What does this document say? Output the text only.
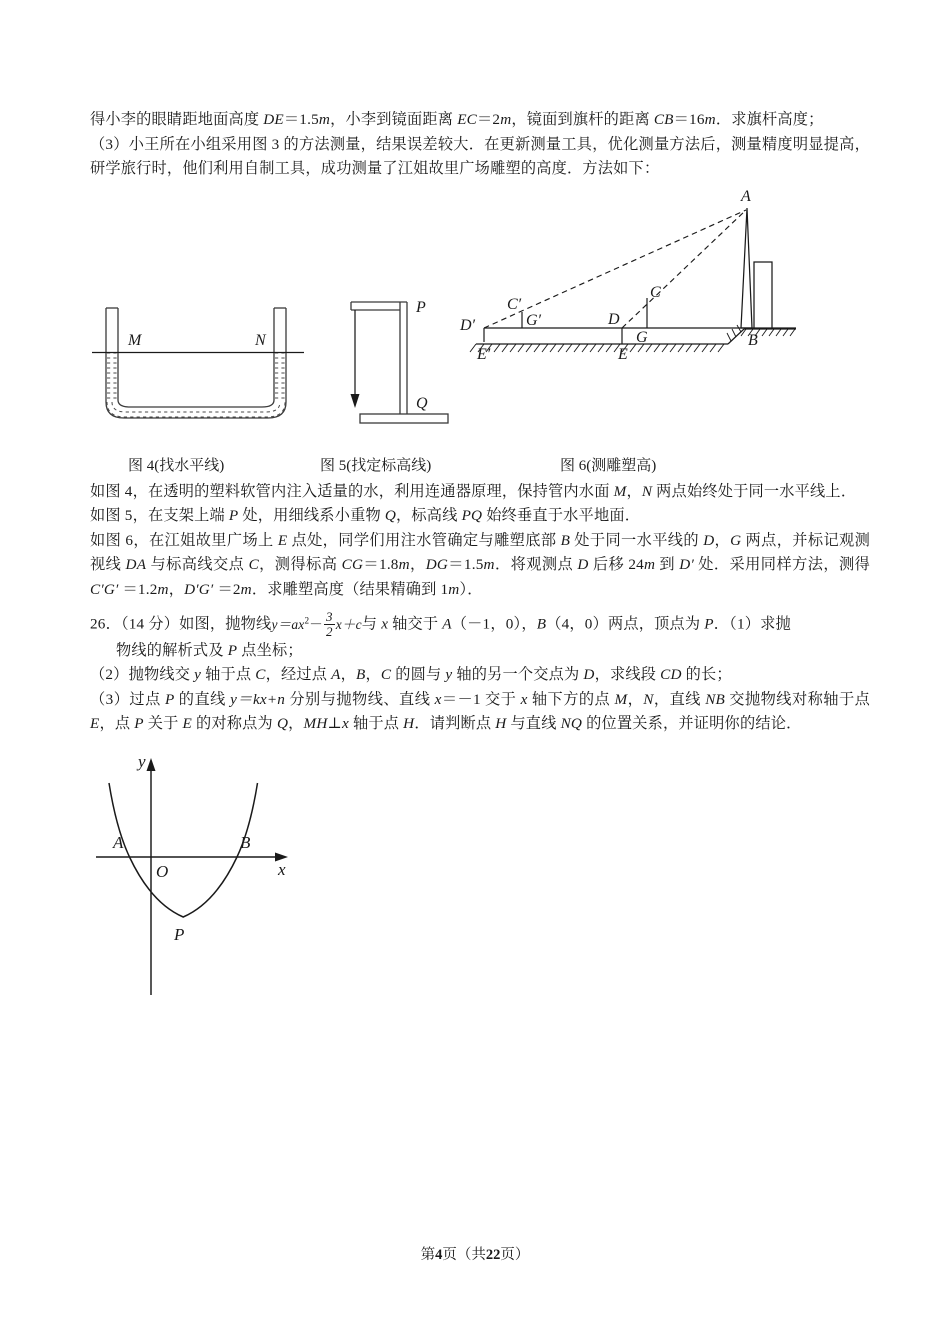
得小李的眼睛距地面高度 DE＝1.5m，小李到镜面距离 EC＝2m，镜面到旗杆的距离 CB＝16m．求旗杆高度；

（3）小王所在小组采用图 3 的方法测量，结果误差较大．在更新测量工具，优化测量方法后，测量精度明显提高，研学旅行时，他们利用自制工具，成功测量了江姐故里广场雕塑的高度．方法如下：

M	N
P
Q
A
B
C
C′
D
D′
E
E′
G
G′
图 4(找水平线)	图 5(找定标高线)	图 6(测雕塑高)

如图 4，在透明的塑料软管内注入适量的水，利用连通器原理，保持管内水面 M，N 两点始终处于同一水平线上．

如图 5，在支架上端 P 处，用细线系小重物 Q，标高线 PQ 始终垂直于水平地面．

如图 6，在江姐故里广场上 E 点处，同学们用注水管确定与雕塑底部 B 处于同一水平线的 D，G 两点，并标记观测视线 DA 与标高线交点 C，测得标高 CG＝1.8m，DG＝1.5m．将观测点 D 后移 24m 到 D′ 处．采用同样方法，测得 C′G′ ＝1.2m，D′G′ ＝2m．求雕塑高度（结果精确到 1m）．

26．（14 分）如图，抛物线$y=ax^2- \frac{3}{2} x+c$与 x 轴交于 A（－1，0），B（4，0）两点，顶点为 P．（1）求抛

物线的解析式及 P 点坐标；

（2）抛物线交 y 轴于点 C，经过点 A，B，C 的圆与 y 轴的另一个交点为 D，求线段 CD 的长；

（3）过点 P 的直线 y＝kx+n 分别与抛物线、直线 x＝－1 交于 x 轴下方的点 M，N，直线 NB 交抛物线对称轴于点 E，点 P 关于 E 的对称点为 Q，MH⊥x 轴于点 H．请判断点 H 与直线 NQ 的位置关系，并证明你的结论．

A	B
O
P
y
x
第4页（共22页）
